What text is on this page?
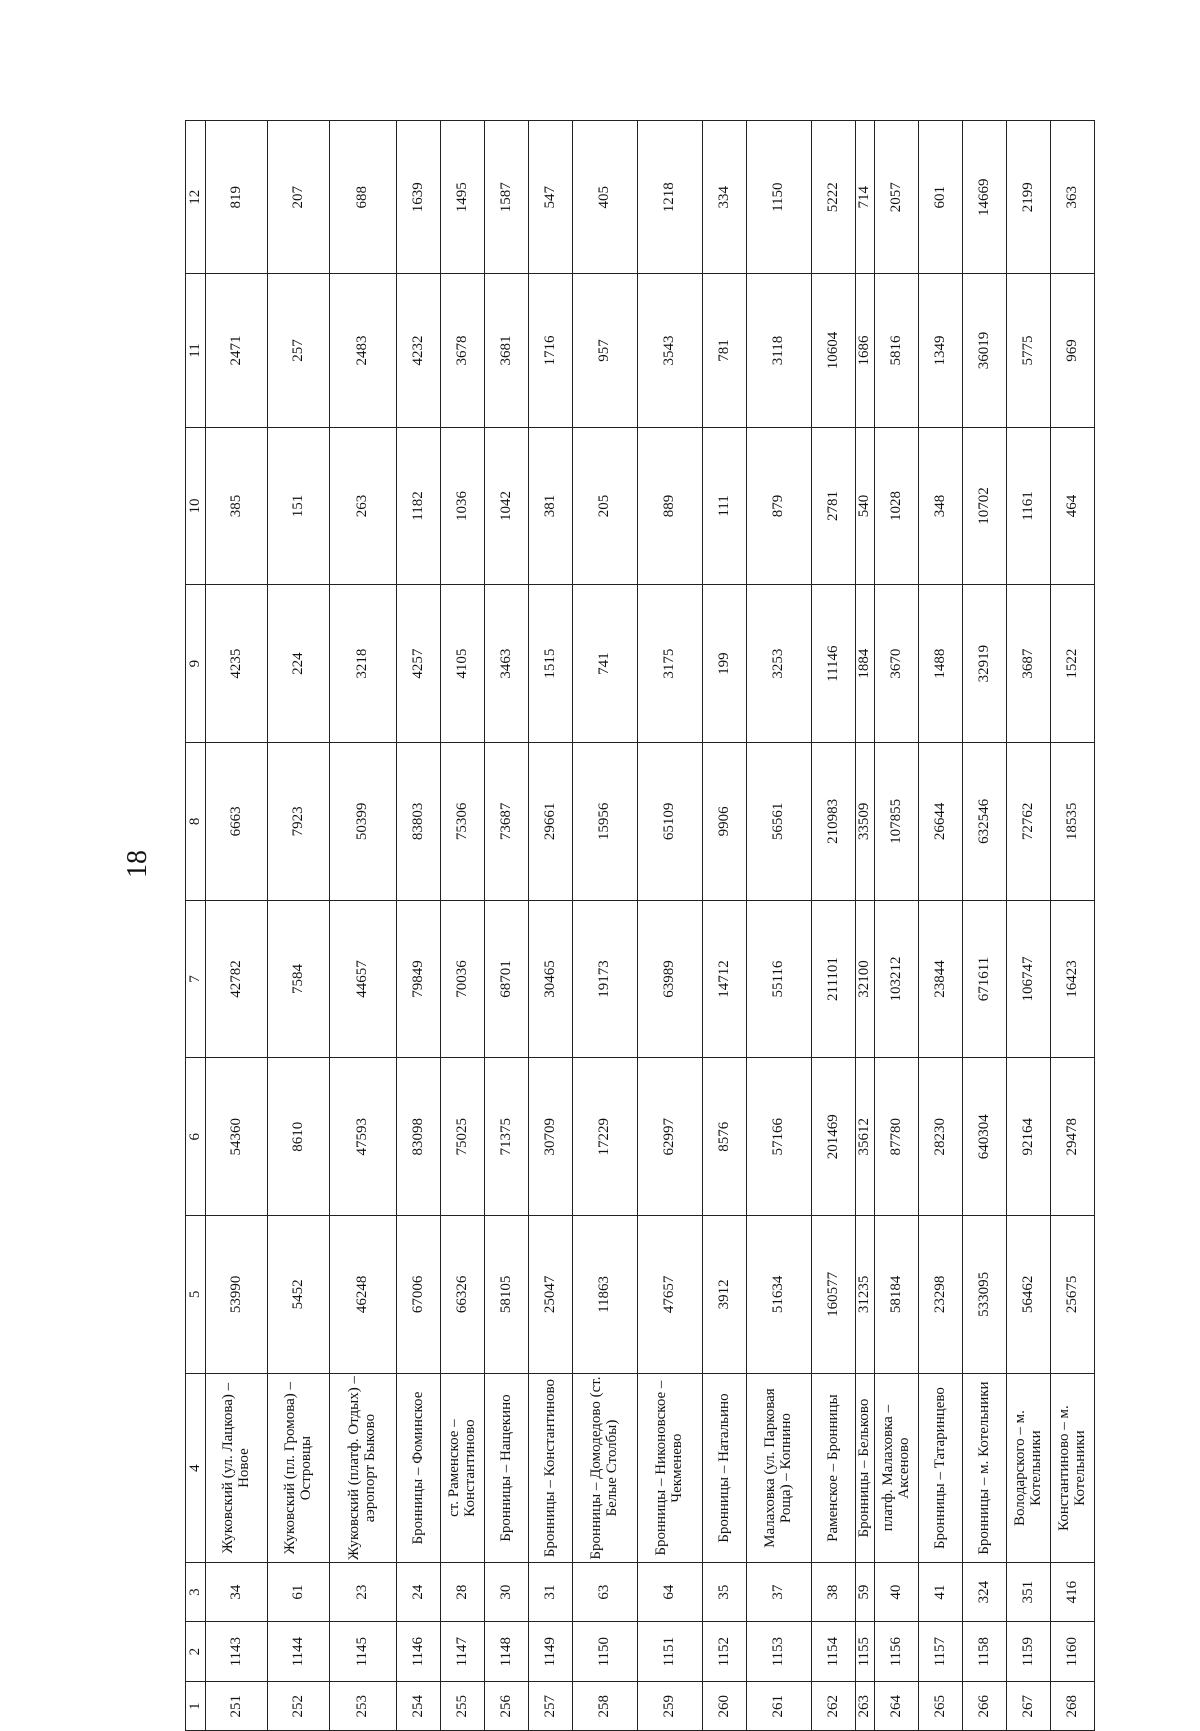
18
1	2	3	4	5	6	7	8	9	10	11	12
251	1143	34	Жуковский (ул. Лацкова) – Новое	53990	54360	42782	6663	4235	385	2471	819
252	1144	61	Жуковский (пл. Громова) – Островцы	5452	8610	7584	7923	224	151	257	207
253	1145	23	Жуковский (платф. Отдых) – аэропорт Быково	46248	47593	44657	50399	3218	263	2483	688
254	1146	24	Бронницы – Фоминское	67006	83098	79849	83803	4257	1182	4232	1639
255	1147	28	ст. Раменское – Константиново	66326	75025	70036	75306	4105	1036	3678	1495
256	1148	30	Бронницы – Нащекино	58105	71375	68701	73687	3463	1042	3681	1587
257	1149	31	Бронницы – Константиново	25047	30709	30465	29661	1515	381	1716	547
258	1150	63	Бронницы – Домодедово (ст. Белые Столбы)	11863	17229	19173	15956	741	205	957	405
259	1151	64	Бронницы – Никоновское – Чекменево	47657	62997	63989	65109	3175	889	3543	1218
260	1152	35	Бронницы – Натальино	3912	8576	14712	9906	199	111	781	334
261	1153	37	Малаховка (ул. Парковая Роща) – Копнино	51634	57166	55116	56561	3253	879	3118	1150
262	1154	38	Раменское – Бронницы	160577	201469	211101	210983	11146	2781	10604	5222
263	1155	59	Бронницы – Бельково	31235	35612	32100	33509	1884	540	1686	714
264	1156	40	платф. Малаховка – Аксеново	58184	87780	103212	107855	3670	1028	5816	2057
265	1157	41	Бронницы – Татаринцево	23298	28230	23844	26644	1488	348	1349	601
266	1158	324	Бронницы – м. Котельники	533095	640304	671611	632546	32919	10702	36019	14669
267	1159	351	Володарского – м. Котельники	56462	92164	106747	72762	3687	1161	5775	2199
268	1160	416	Константиново – м. Котельники	25675	29478	16423	18535	1522	464	969	363
